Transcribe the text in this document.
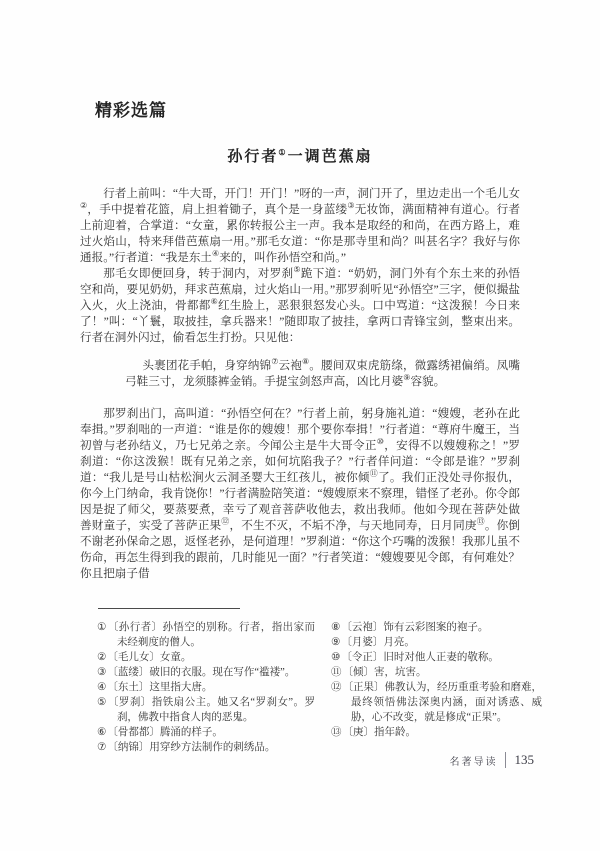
精彩选篇
孙行者①一调芭蕉扇

行者上前叫：“牛大哥，开门！开门！”呀的一声，洞门开了，里边走出一个毛儿女②，手中提着花篮，肩上担着锄子，真个是一身蓝缕③无妆饰，满面精神有道心。行者上前迎着，合掌道：“女童，累你转报公主一声。我本是取经的和尚，在西方路上，难过火焰山，特来拜借芭蕉扇一用。”那毛女道：“你是那寺里和尚？叫甚名字？我好与你通报。”行者道：“我是东土④来的，叫作孙悟空和尚。”

那毛女即便回身，转于洞内，对罗刹⑤跪下道：“奶奶，洞门外有个东土来的孙悟空和尚，要见奶奶，拜求芭蕉扇，过火焰山一用。”那罗刹听见“孙悟空”三字，便似撮盐入火，火上浇油，骨都都⑥红生脸上，恶狠狠怒发心头。口中骂道：“这泼猴！今日来了！”叫：“丫鬟，取披挂，拿兵器来！”随即取了披挂，拿两口青锋宝剑，整束出来。行者在洞外闪过，偷看怎生打扮。只见他：

头裹团花手帕，身穿纳锦⑦云袍⑧。腰间双束虎筋绦，微露绣裙偏绡。凤嘴弓鞋三寸，龙须膝裤金销。手提宝剑怒声高，凶比月婆⑨容貌。

那罗刹出门，高叫道：“孙悟空何在？”行者上前，躬身施礼道：“嫂嫂，老孙在此奉揖。”罗刹咄的一声道：“谁是你的嫂嫂！那个要你奉揖！”行者道：“尊府牛魔王，当初曾与老孙结义，乃七兄弟之亲。今闻公主是牛大哥令正⑩，安得不以嫂嫂称之！”罗刹道：“你这泼猴！既有兄弟之亲，如何坑陷我子？”行者佯问道：“令郎是谁？”罗刹道：“我儿是号山枯松涧火云洞圣婴大王红孩儿，被你倾⑪了。我们正没处寻你报仇，你今上门纳命，我肯饶你！”行者满脸陪笑道：“嫂嫂原来不察理，错怪了老孙。你令郎因是捉了师父，要蒸要煮，幸亏了观音菩萨收他去，救出我师。他如今现在菩萨处做善财童子，实受了菩萨正果⑫，不生不灭，不垢不净，与天地同寿，日月同庚⑬。你倒不谢老孙保命之恩，返怪老孙，是何道理！”罗刹道：“你这个巧嘴的泼猴！我那儿虽不伤命，再怎生得到我的跟前，几时能见一面？”行者笑道：“嫂嫂要见令郎，有何难处？你且把扇子借

①〔孙行者〕孙悟空的别称。行者，指出家而未经剃度的僧人。
②〔毛儿女〕女童。
③〔蓝缕〕破旧的衣服。现在写作“褴褛”。
④〔东土〕这里指大唐。
⑤〔罗刹〕指铁扇公主。她又名“罗刹女”。罗刹，佛教中指食人肉的恶鬼。
⑥〔骨都都〕腾涌的样子。
⑦〔纳锦〕用穿纱方法制作的刺绣品。
⑧〔云袍〕饰有云彩图案的袍子。
⑨〔月婆〕月亮。
⑩〔令正〕旧时对他人正妻的敬称。
⑪〔倾〕害，坑害。
⑫〔正果〕佛教认为，经历重重考验和磨难，最终领悟佛法深奥内涵，面对诱惑、威胁，心不改变，就是修成“正果”。
⑬〔庚〕指年龄。
名著导读 135
